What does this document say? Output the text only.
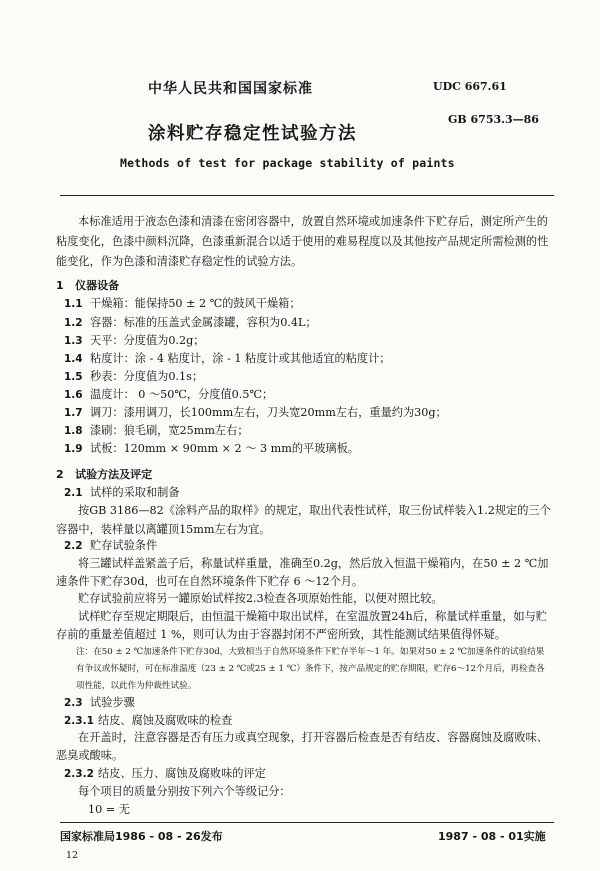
中华人民共和国国家标准	UDC 667.61
涂料贮存稳定性试验方法
GB 6753.3—86
Methods of test for package stability of paints
本标准适用于液态色漆和清漆在密闭容器中，放置自然环境或加速条件下贮存后，测定所产生的粘度变化，色漆中颜料沉降，色漆重新混合以适于使用的难易程度以及其他按产品规定所需检测的性能变化，作为色漆和清漆贮存稳定性的试验方法。
1 仪器设备
1.1 干燥箱：能保持50 ± 2 ℃的鼓风干燥箱；
1.2 容器：标准的压盖式金属漆罐，容积为0.4L；
1.3 天平：分度值为0.2g；
1.4 粘度计：涂 - 4 粘度计，涂 - 1 粘度计或其他适宜的粘度计；
1.5 秒表：分度值为0.1s；
1.6 温度计： 0 ～50℃，分度值0.5℃；
1.7 调刀：漆用调刀，长100mm左右，刀头宽20mm左右，重量约为30g；
1.8 漆刷：狼毛刷，宽25mm左右；
1.9 试板：120mm × 90mm × 2 ～ 3 mm的平玻璃板。
2 试验方法及评定
2.1 试样的采取和制备
按GB 3186—82《涂料产品的取样》的规定，取出代表性试样，取三份试样装入1.2规定的三个容器中，装样量以离罐顶15mm左右为宜。
2.2 贮存试验条件
将三罐试样盖紧盖子后，称量试样重量，准确至0.2g，然后放入恒温干燥箱内，在50 ± 2 ℃加速条件下贮存30d，也可在自然环境条件下贮存 6 ～12个月。
贮存试验前应将另一罐原始试样按2.3检查各项原始性能，以便对照比较。
试样贮存至规定期限后，由恒温干燥箱中取出试样，在室温放置24h后，称量试样重量，如与贮存前的重量差值超过 1 %，则可认为由于容器封闭不严密所致，其性能测试结果值得怀疑。
注：在50 ± 2 ℃加速条件下贮存30d，大致相当于自然环境条件下贮存半年～1 年。如果对50 ± 2 ℃加速条件的试验结果有争议或怀疑时，可在标准温度（23 ± 2 ℃或25 ± 1 ℃）条件下，按产品规定的贮存期限，贮存6～12个月后，再检查各项性能，以此作为仲裁性试验。
2.3 试验步骤
2.3.1 结皮、腐蚀及腐败味的检查
在开盖时，注意容器是否有压力或真空现象，打开容器后检查是否有结皮、容器腐蚀及腐败味、恶臭或酸味。
2.3.2 结皮、压力、腐蚀及腐败味的评定
每个项目的质量分别按下列六个等级记分：
10 = 无
国家标准局1986 - 08 - 26发布	1987 - 08 - 01实施
12
